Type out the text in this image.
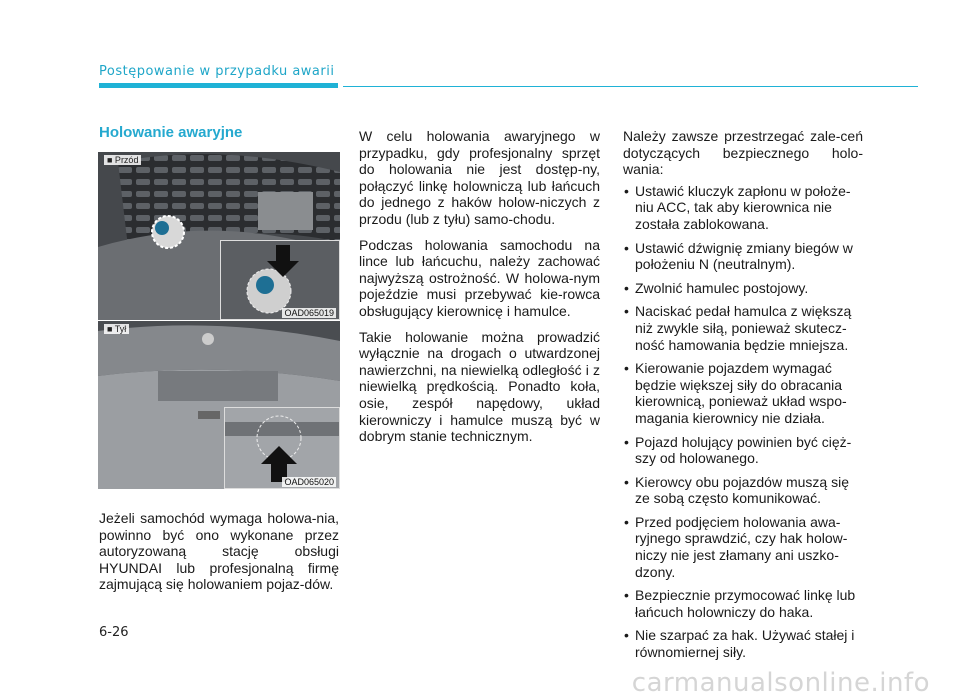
Postępowanie w przypadku awarii
Holowanie awaryjne
■ Przód
OAD065019
■ Tył
OAD065020

Jeżeli samochód wymaga holowa-nia, powinno być ono wykonane przez autoryzowaną stację obsługi HYUNDAI lub profesjonalną firmę zajmującą się holowaniem pojaz-dów.

W celu holowania awaryjnego w przypadku, gdy profesjonalny sprzęt do holowania nie jest dostęp-ny, połączyć linkę holowniczą lub łańcuch do jednego z haków holow-niczych z przodu (lub z tyłu) samo-chodu.

Podczas holowania samochodu na lince lub łańcuchu, należy zachować najwyższą ostrożność. W holowa-nym pojeździe musi przebywać kie-rowca obsługujący kierownicę i hamulce.

Takie holowanie można prowadzić wyłącznie na drogach o utwardzonej nawierzchni, na niewielką odległość i z niewielką prędkością. Ponadto koła, osie, zespół napędowy, układ kierowniczy i hamulce muszą być w dobrym stanie technicznym.

Należy zawsze przestrzegać zale-ceń dotyczących bezpiecznego holo-wania:

• Ustawić kluczyk zapłonu w położe-niu ACC, tak aby kierownica nie została zablokowana.
• Ustawić dźwignię zmiany biegów w położeniu N (neutralnym).
• Zwolnić hamulec postojowy.
• Naciskać pedał hamulca z większą niż zwykle siłą, ponieważ skutecz-ność hamowania będzie mniejsza.
• Kierowanie pojazdem wymagać będzie większej siły do obracania kierownicą, ponieważ układ wspo-magania kierownicy nie działa.
• Pojazd holujący powinien być cięż-szy od holowanego.
• Kierowcy obu pojazdów muszą się ze sobą często komunikować.
• Przed podjęciem holowania awa-ryjnego sprawdzić, czy hak holow-niczy nie jest złamany ani uszko-dzony.
• Bezpiecznie przymocować linkę lub łańcuch holowniczy do haka.
• Nie szarpać za hak. Używać stałej i równomiernej siły.
6-26
carmanualsonline.info
